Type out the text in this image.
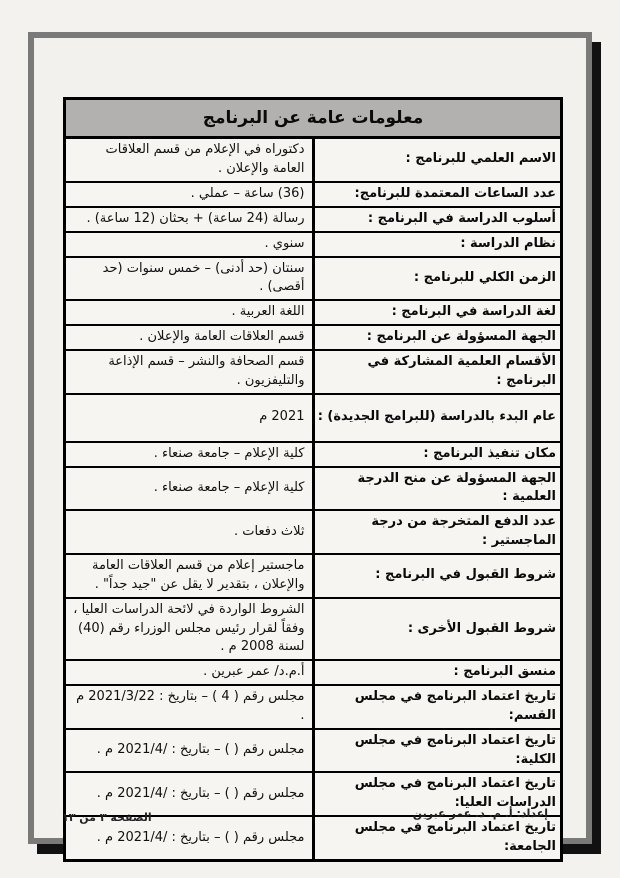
معلومات عامة عن البرنامج	
الاسم العلمي للبرنامج :	دكتوراه في الإعلام من قسم العلاقات العامة والإعلان .
عدد الساعات المعتمدة للبرنامج:	(36) ساعة – عملي .
أسلوب الدراسة في البرنامج :	رسالة (24 ساعة) + بحثان (12 ساعة) .
نظام الدراسة :	سنوي .
الزمن الكلي للبرنامج :	سنتان (حد أدنى) – خمس سنوات (حد أقصى) .
لغة الدراسة في البرنامج :	اللغة العربية .
الجهة المسؤولة عن البرنامج :	قسم العلاقات العامة والإعلان .
الأقسام العلمية المشاركة في البرنامج :	قسم الصحافة والنشر – قسم الإذاعة والتليفزيون .
عام البدء بالدراسة (للبرامج الجديدة) :	2021 م
مكان تنفيذ البرنامج :	كلية الإعلام – جامعة صنعاء .
الجهة المسؤولة عن منح الدرجة العلمية :	كلية الإعلام – جامعة صنعاء .
عدد الدفع المتخرجة من درجة الماجستير :	ثلاث دفعات .
شروط القبول في البرنامج :	ماجستير إعلام من قسم العلاقات العامة والإعلان ، بتقدير لا يقل عن "جيد جداً" .
شروط القبول الأخرى :	الشروط الواردة في لائحة الدراسات العليا ، وفقاً لقرار رئيس مجلس الوزراء رقم (40) لسنة 2008 م .
منسق البرنامج :	أ.م.د/ عمر عبرين .
تاريخ اعتماد البرنامج في مجلس القسم:	مجلس رقم ( 4 ) – بتاريخ : ‎2021/3/22‎ م .
تاريخ اعتماد البرنامج في مجلس الكلية:	مجلس رقم ( ) – بتاريخ : ‎2021/4/‎ م .
تاريخ اعتماد البرنامج في مجلس الدراسات العليا:	مجلس رقم ( ) – بتاريخ : ‎2021/4/‎ م .
تاريخ اعتماد البرنامج في مجلس الجامعة:	مجلس رقم ( ) – بتاريخ : ‎2021/4/‎ م .
الصفحة ٣ من ١٣	إعداد: أ. م. د. عمر عبرين
